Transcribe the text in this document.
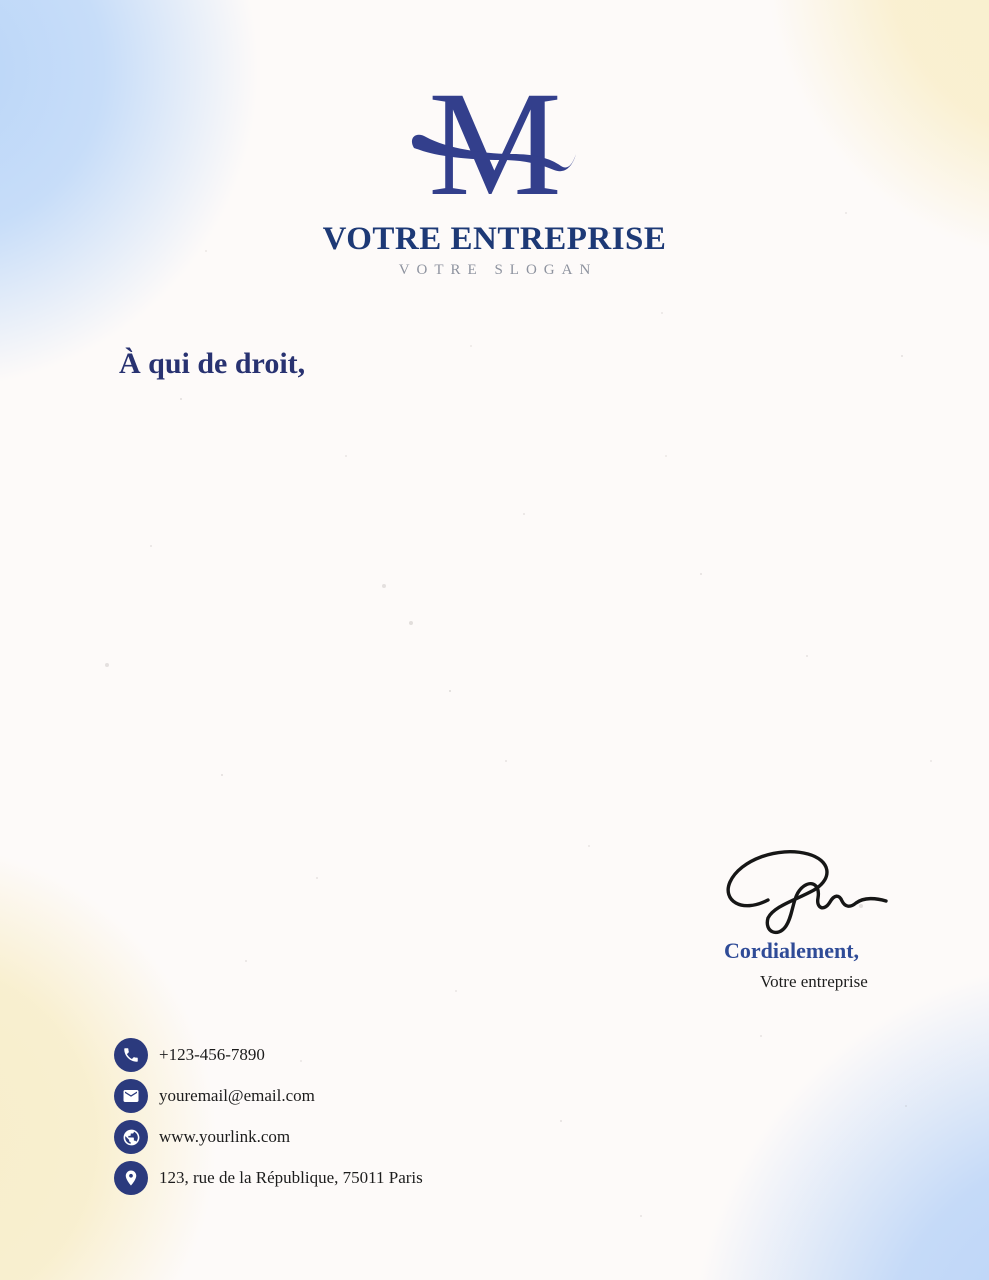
M
VOTRE ENTREPRISE
VOTRE SLOGAN
À qui de droit,
Cordialement,
Votre entreprise
+123-456-7890
youremail@email.com
www.yourlink.com
123, rue de la République, 75011 Paris
